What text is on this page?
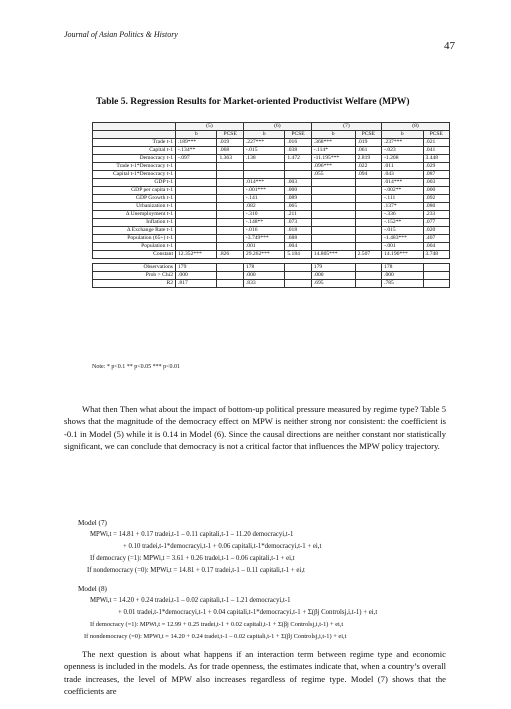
Journal of Asian Politics & History
47
Table 5. Regression Results for Market-oriented Productivist Welfare (MPW)
	(5)		(6)		(7)		(8)	
	b	PCSE	b	PCSE	b	PCSE	b	PCSE
Trade t-1	.189***	.019	.227***	.016	.368***	.019	.237***	.021
Capital t-1	-.134**	.068	-.015	.038	-.114*	.061	-.023	.041
Democracy t-1	-.097	1.363	.138	1.472	-11.195***	2.819	-1.208	3.448
Trade t-1*Democracy t-1					.096***	.022	.011	.029
Capital t-1*Democracy t-1					.055	.094	.043	.087
GDP t-1			.014***	.003			.014***	.003
GDP per capita t-1			-.001***	.000			-.002**	.000
GDP Growth t-1			-.141	.089			-.111	.092
Urbanization t-1			.082	.065			.137*	.080
Δ Unemployment t-1			-.310	.211			-.336	.233
Inflation t-1			-.148**	.073			-.152**	.077
Δ Exchange Rate t-1			-.016	.018			-.015	.020
Population (65+) t-1			-3.749***	.688			-1.483***	.407
Population t-1			.001	.004			-.001	.004
Constant	12.352***	.826	29.262***	5.184	14.805***	2.507	14.196***	3.748

Observations	179		178		179		178	
Prob > Chi2	.000		.000		.000		.000	
R2	.817		.833		.695		.785	
Note: * p<0.1 ** p<0.05 *** p<0.01
What then Then what about the impact of bottom-up political pressure measured by regime type? Table 5 shows that the magnitude of the democracy effect on MPW is neither strong nor consistent: the coefficient is -0.1 in Model (5) while it is 0.14 in Model (6). Since the causal directions are neither constant nor statistically significant, we can conclude that democracy is not a critical factor that influences the MPW policy trajectory.
Model (7)
MPWi,t = 14.81 + 0.17 tradei,t-1 – 0.11 capitali,t-1 – 11.20 democracyi,t-1
+ 0.10 tradei,t-1*democracyi,t-1 + 0.06 capitali,t-1*democracyi,t-1 + ei,t
If democracy (=1): MPWi,t = 3.61 + 0.26 tradei,t-1 – 0.06 capitali,t-1 + ei,t
If nondemocracy (=0): MPWi,t = 14.81 + 0.17 tradei,t-1 – 0.11 capitali,t-1 + ei,t
Model (8)
MPWi,t = 14.20 + 0.24 tradei,t-1 – 0.02 capitali,t-1 – 1.21 democracyi,t-1
+ 0.01 tradei,t-1*democracyi,t-1 + 0.04 capitali,t-1*democracyi,t-1 + Σ(βj Controlsj,i,t-1) + ei,t
If democracy (=1): MPWi,t = 12.99 + 0.25 tradei,t-1 + 0.02 capitali,t-1 + Σ(βj Controlsj,i,t-1) + ei,t
If nondemocracy (=0): MPWi,t = 14.20 + 0.24 tradei,t-1 – 0.02 capitali,t-1 + Σ(βj Controlsj,i,t-1) + ei,t
The next question is about what happens if an interaction term between regime type and economic openness is included in the models. As for trade openness, the estimates indicate that, when a country’s overall trade increases, the level of MPW also increases regardless of regime type. Model (7) shows that the coefficients are
